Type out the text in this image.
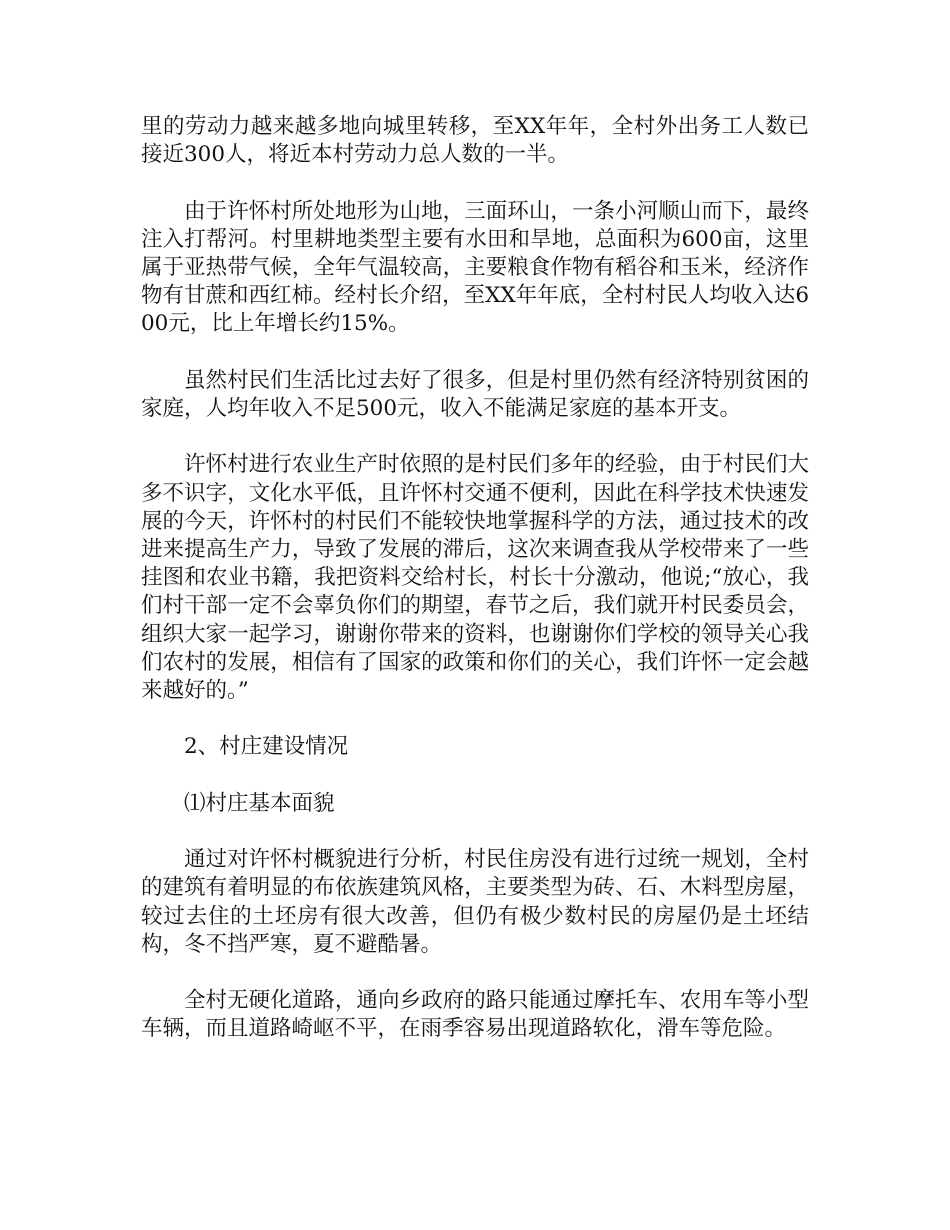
里的劳动力越来越多地向城里转移，至XX年年，全村外出务工人数已接近300人，将近本村劳动力总人数的一半。

由于许怀村所处地形为山地，三面环山，一条小河顺山而下，最终注入打帮河。村里耕地类型主要有水田和旱地，总面积为600亩，这里属于亚热带气候，全年气温较高，主要粮食作物有稻谷和玉米，经济作物有甘蔗和西红柿。经村长介绍，至XX年年底，全村村民人均收入达600元，比上年增长约15%。

虽然村民们生活比过去好了很多，但是村里仍然有经济特别贫困的家庭，人均年收入不足500元，收入不能满足家庭的基本开支。

许怀村进行农业生产时依照的是村民们多年的经验，由于村民们大多不识字，文化水平低，且许怀村交通不便利，因此在科学技术快速发展的今天，许怀村的村民们不能较快地掌握科学的方法，通过技术的改进来提高生产力，导致了发展的滞后，这次来调查我从学校带来了一些挂图和农业书籍，我把资料交给村长，村长十分激动，他说;“放心，我们村干部一定不会辜负你们的期望，春节之后，我们就开村民委员会，组织大家一起学习，谢谢你带来的资料，也谢谢你们学校的领导关心我们农村的发展，相信有了国家的政策和你们的关心，我们许怀一定会越来越好的。”

2、村庄建设情况

⑴村庄基本面貌

通过对许怀村概貌进行分析，村民住房没有进行过统一规划，全村的建筑有着明显的布依族建筑风格，主要类型为砖、石、木料型房屋，较过去住的土坯房有很大改善，但仍有极少数村民的房屋仍是土坯结构，冬不挡严寒，夏不避酷暑。

全村无硬化道路，通向乡政府的路只能通过摩托车、农用车等小型车辆，而且道路崎岖不平，在雨季容易出现道路软化，滑车等危险。
